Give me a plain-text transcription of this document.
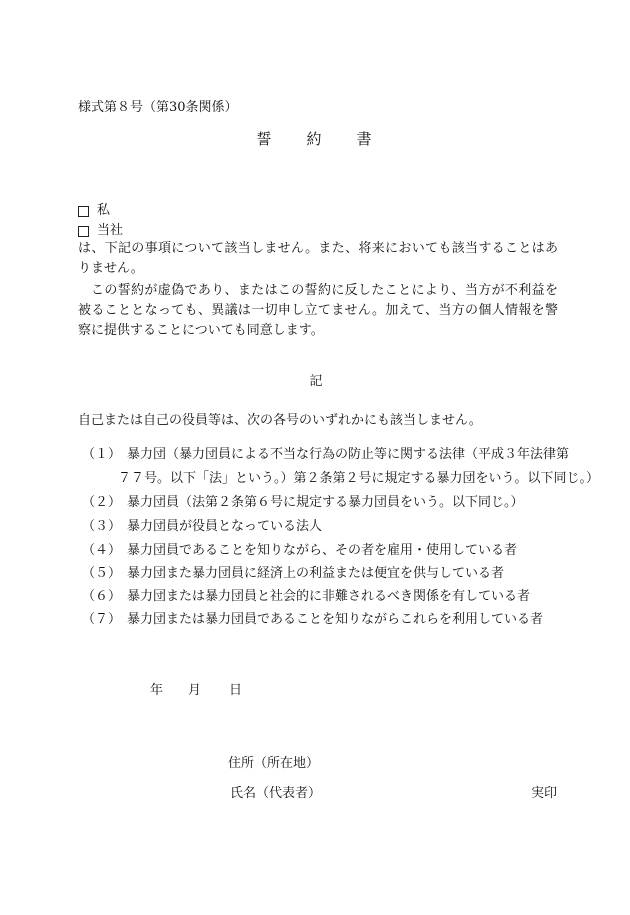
様式第８号（第30条関係）
誓　約　書
私
当社
は、下記の事項について該当しません。また、将来においても該当することはありません。
この誓約が虚偽であり、またはこの誓約に反したことにより、当方が不利益を被ることとなっても、異議は一切申し立てません。加えて、当方の個人情報を警察に提供することについても同意します。
記
自己または自己の役員等は、次の各号のいずれかにも該当しません。
（１） 暴力団（暴力団員による不当な行為の防止等に関する法律（平成３年法律第
７７号。以下「法」という。）第２条第２号に規定する暴力団をいう。以下同じ。）
（２） 暴力団員（法第２条第６号に規定する暴力団員をいう。以下同じ。）
（３） 暴力団員が役員となっている法人
（４） 暴力団員であることを知りながら、その者を雇用・使用している者
（５） 暴力団また暴力団員に経済上の利益または便宜を供与している者
（６） 暴力団または暴力団員と社会的に非難されるべき関係を有している者
（７） 暴力団または暴力団員であることを知りながらこれらを利用している者
年 月 日
住所（所在地）
氏名（代表者）	実印
